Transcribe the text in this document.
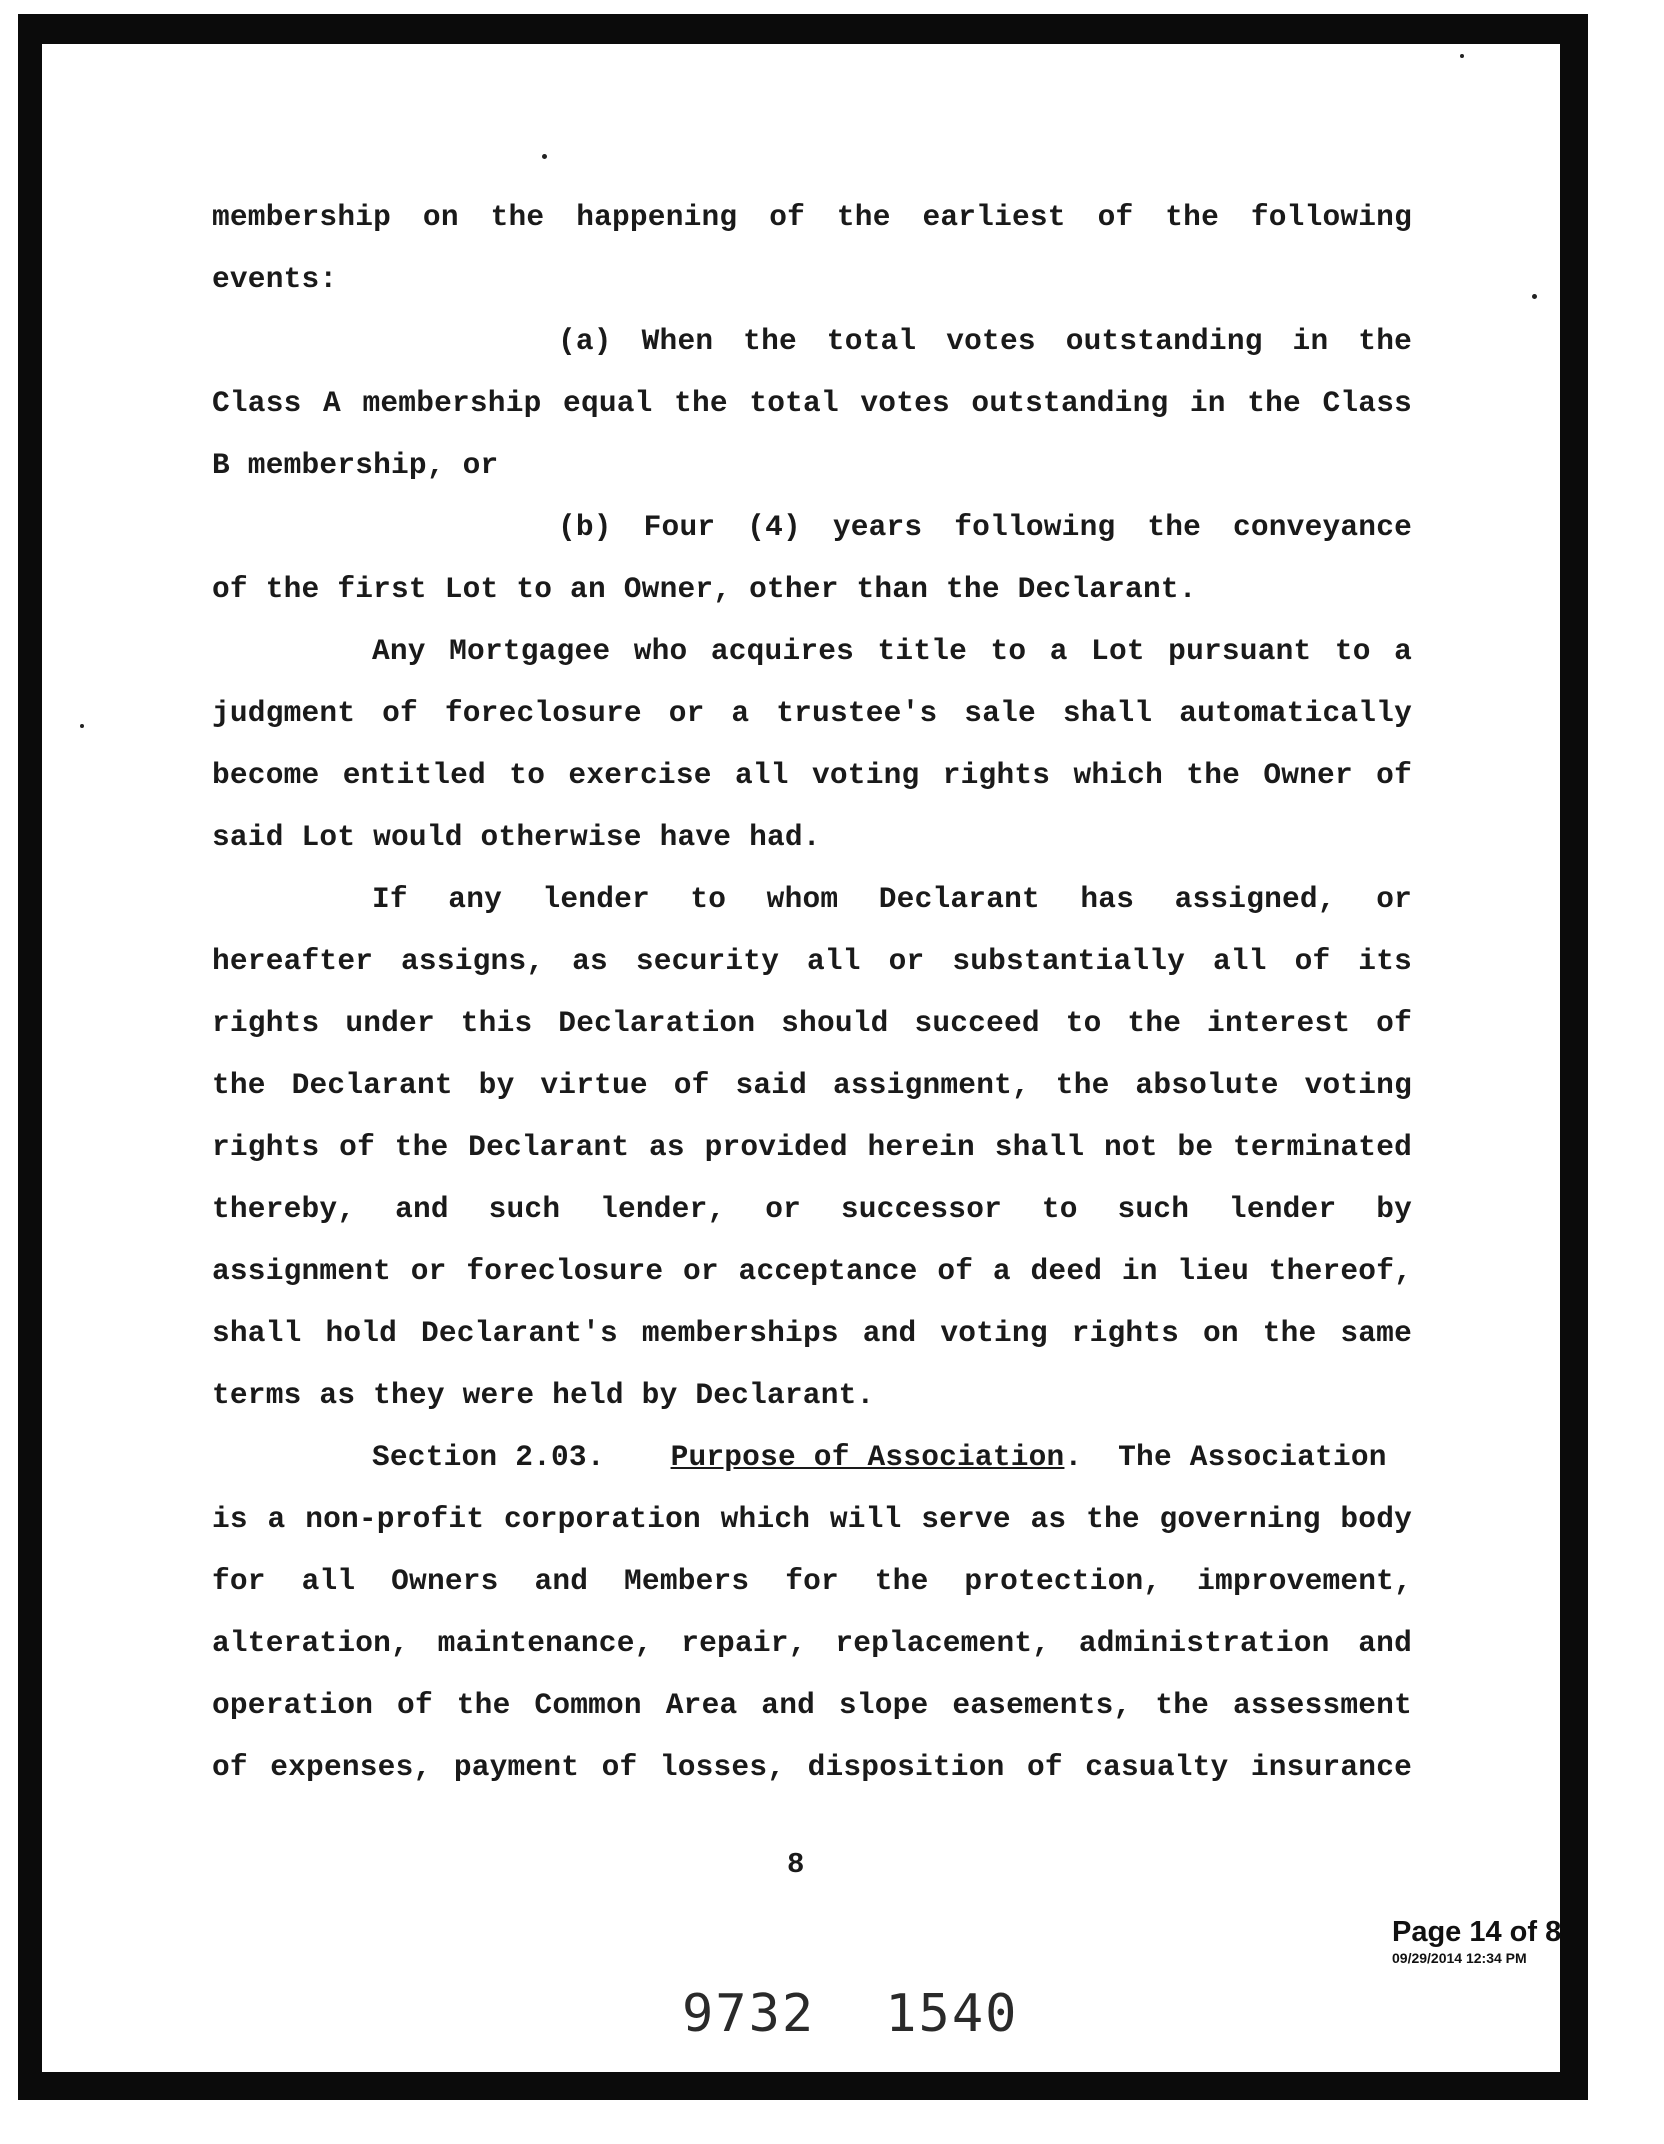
membership on the happening of the earliest of the following
events:
(a) When the total votes outstanding in the
Class A membership equal the total votes outstanding in the Class
B membership, or
(b) Four (4) years following the conveyance
of the first Lot to an Owner, other than the Declarant.
Any Mortgagee who acquires title to a Lot pursuant to a
judgment of foreclosure or a trustee's sale shall automatically
become entitled to exercise all voting rights which the Owner of
said Lot would otherwise have had.
If any lender to whom Declarant has assigned, or
hereafter assigns, as security all or substantially all of its
rights under this Declaration should succeed to the interest of
the Declarant by virtue of said assignment, the absolute voting
rights of the Declarant as provided herein shall not be terminated
thereby, and such lender, or successor to such lender by
assignment or foreclosure or acceptance of a deed in lieu thereof,
shall hold Declarant's memberships and voting rights on the same
terms as they were held by Declarant.
Section 2.03. Purpose of Association.  The Association
is a non-profit corporation which will serve as the governing body
for all Owners and Members for the protection, improvement,
alteration, maintenance, repair, replacement, administration and
operation of the Common Area and slope easements, the assessment
of expenses, payment of losses, disposition of casualty insurance
8
Page 14 of 8
09/29/2014 12:34 PM
9732 1540
